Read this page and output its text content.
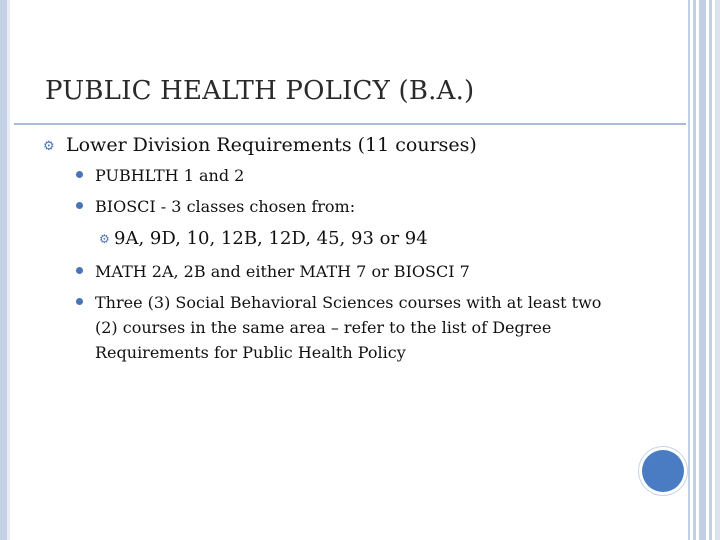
PUBLIC HEALTH POLICY (B.A.)
⚙ Lower Division Requirements (11 courses)
PUBHLTH 1 and 2
BIOSCI - 3 classes chosen from:
⚙ 9A, 9D, 10, 12B, 12D, 45, 93 or 94
MATH 2A, 2B and either MATH 7 or BIOSCI 7
Three (3) Social Behavioral Sciences courses with at least two (2) courses in the same area – refer to the list of Degree Requirements for Public Health Policy
